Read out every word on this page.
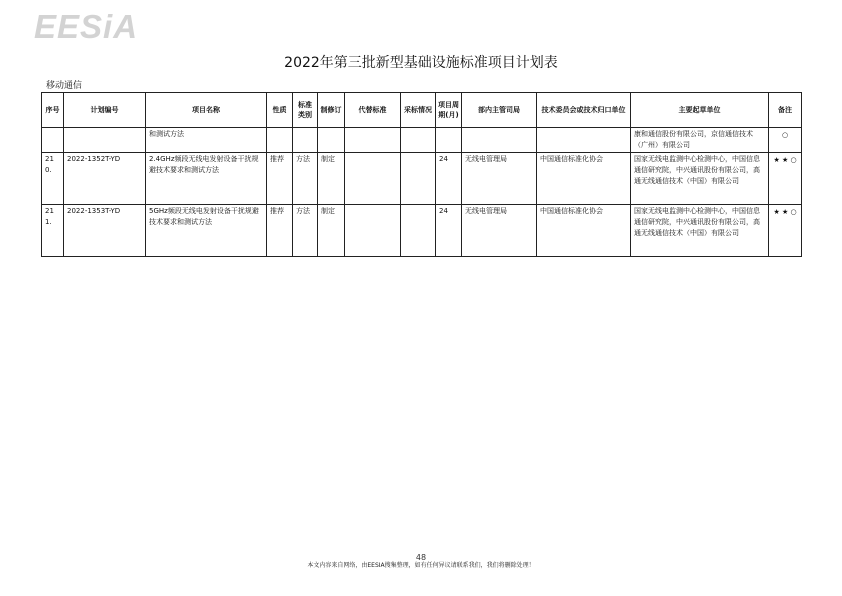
EESiA
2022年第三批新型基础设施标准项目计划表
移动通信
序号	计划编号	项目名称	性质	标准类别	制修订	代替标准	采标情况	项目周期(月)	部内主管司局	技术委员会或技术归口单位	主要起草单位	备注
		和测试方法									康和通信股份有限公司，京信通信技术（广州）有限公司	○
210.	2022-1352T-YD	2.4GHz频段无线电发射设备干扰规避技术要求和测试方法	推荐	方法	制定			24	无线电管理局	中国通信标准化协会	国家无线电监测中心检测中心，中国信息通信研究院，中兴通讯股份有限公司，高通无线通信技术（中国）有限公司	★ ★ ○
211.	2022-1353T-YD	5GHz频段无线电发射设备干扰规避技术要求和测试方法	推荐	方法	制定			24	无线电管理局	中国通信标准化协会	国家无线电监测中心检测中心，中国信息通信研究院，中兴通讯股份有限公司，高通无线通信技术（中国）有限公司	★ ★ ○
48
本文内容来自网络，由EESIA搜集整理，如有任何异议请联系我们，我们将删除处理！
